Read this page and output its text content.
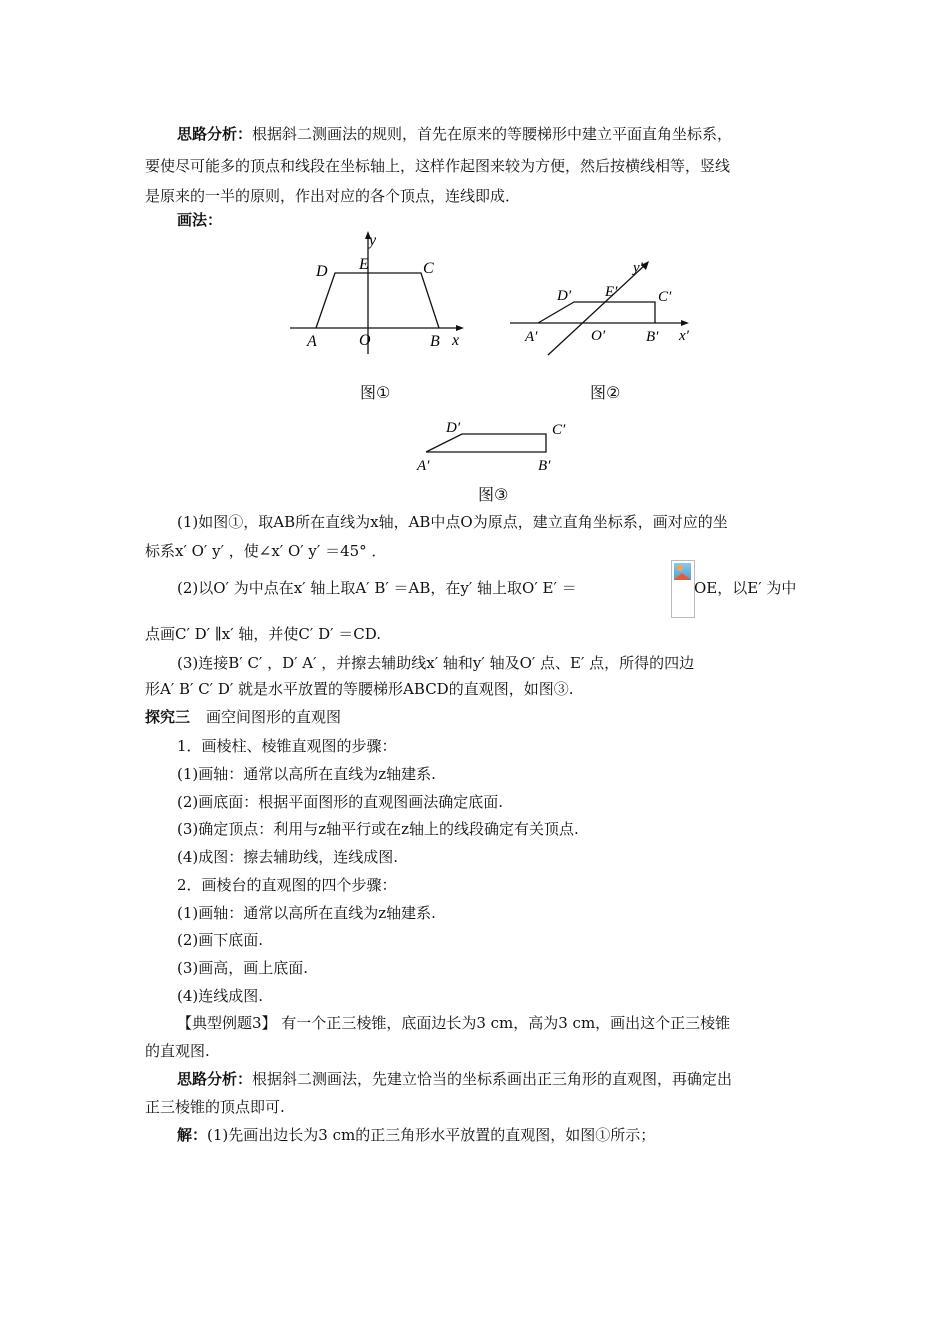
思路分析：根据斜二测画法的规则，首先在原来的等腰梯形中建立平面直角坐标系，
要使尽可能多的顶点和线段在坐标轴上，这样作起图来较为方便，然后按横线相等，竖线
是原来的一半的原则，作出对应的各个顶点，连线即成．
画法：
y
E
D	C
A	O	B x
图①
y′
E′
D′	C′
A′	O′	B′ x′
图②
D′	C′
A′	B′
图③
(1)如图①，取AB所在直线为x轴，AB中点O为原点，建立直角坐标系，画对应的坐
标系x′ O′ y′ ，使∠x′ O′ y′ ＝45° ．
(2)以O′ 为中点在x′ 轴上取A′ B′ ＝AB，在y′ 轴上取O′ E′ ＝	OE，以E′ 为中
点画C′ D′ ∥x′ 轴，并使C′ D′ ＝CD.
(3)连接B′ C′ ，D′ A′ ，并擦去辅助线x′ 轴和y′ 轴及O′ 点、E′ 点，所得的四边
形A′ B′ C′ D′ 就是水平放置的等腰梯形ABCD的直观图，如图③.
探究三 画空间图形的直观图
1．画棱柱、棱锥直观图的步骤：
(1)画轴：通常以高所在直线为z轴建系.
(2)画底面：根据平面图形的直观图画法确定底面.
(3)确定顶点：利用与z轴平行或在z轴上的线段确定有关顶点.
(4)成图：擦去辅助线，连线成图.
2．画棱台的直观图的四个步骤：
(1)画轴：通常以高所在直线为z轴建系.
(2)画下底面.
(3)画高，画上底面.
(4)连线成图.
【典型例题3】 有一个正三棱锥，底面边长为3 cm，高为3 cm，画出这个正三棱锥
的直观图.
思路分析：根据斜二测画法，先建立恰当的坐标系画出正三角形的直观图，再确定出
正三棱锥的顶点即可.
解：(1)先画出边长为3 cm的正三角形水平放置的直观图，如图①所示；
